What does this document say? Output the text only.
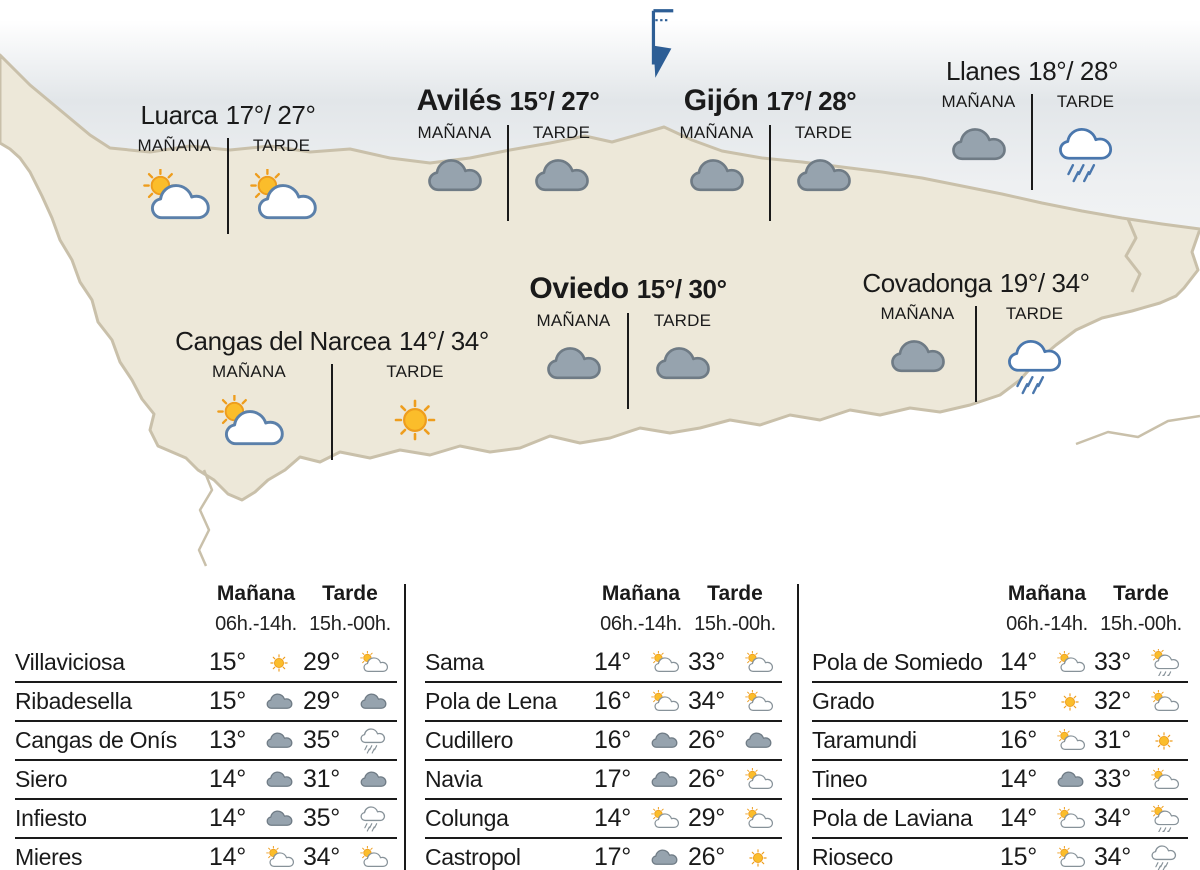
Luarca 17°/ 27°
MAÑANA TARDE
Avilés 15°/ 27°
MAÑANA TARDE
Gijón 17°/ 28°
MAÑANA TARDE
Llanes 18°/ 28°
MAÑANA TARDE
Oviedo 15°/ 30°
MAÑANA	TARDE
Covadonga 19°/ 34°
MAÑANA	TARDE
Cangas del Narcea 14°/ 34°
MAÑANA	TARDE
Mañana	Tarde
06h.-14h. 15h.-00h.
Villaviciosa	15°	29°
Ribadesella	15°	29°
Cangas de Onís	13°	35°
Siero	14°	31°
Infiesto	14°	35°
Mieres	14°	34°
Mañana	Tarde
06h.-14h. 15h.-00h.
Sama	14°	33°
Pola de Lena	16°	34°
Cudillero	16°	26°
Navia	17°	26°
Colunga	14°	29°
Castropol	17°	26°
Mañana	Tarde
06h.-14h. 15h.-00h.
Pola de Somiedo 14°	33°
Grado	15°	32°
Taramundi	16°	31°
Tineo	14°	33°
Pola de Laviana	14°	34°
Rioseco	15°	34°
